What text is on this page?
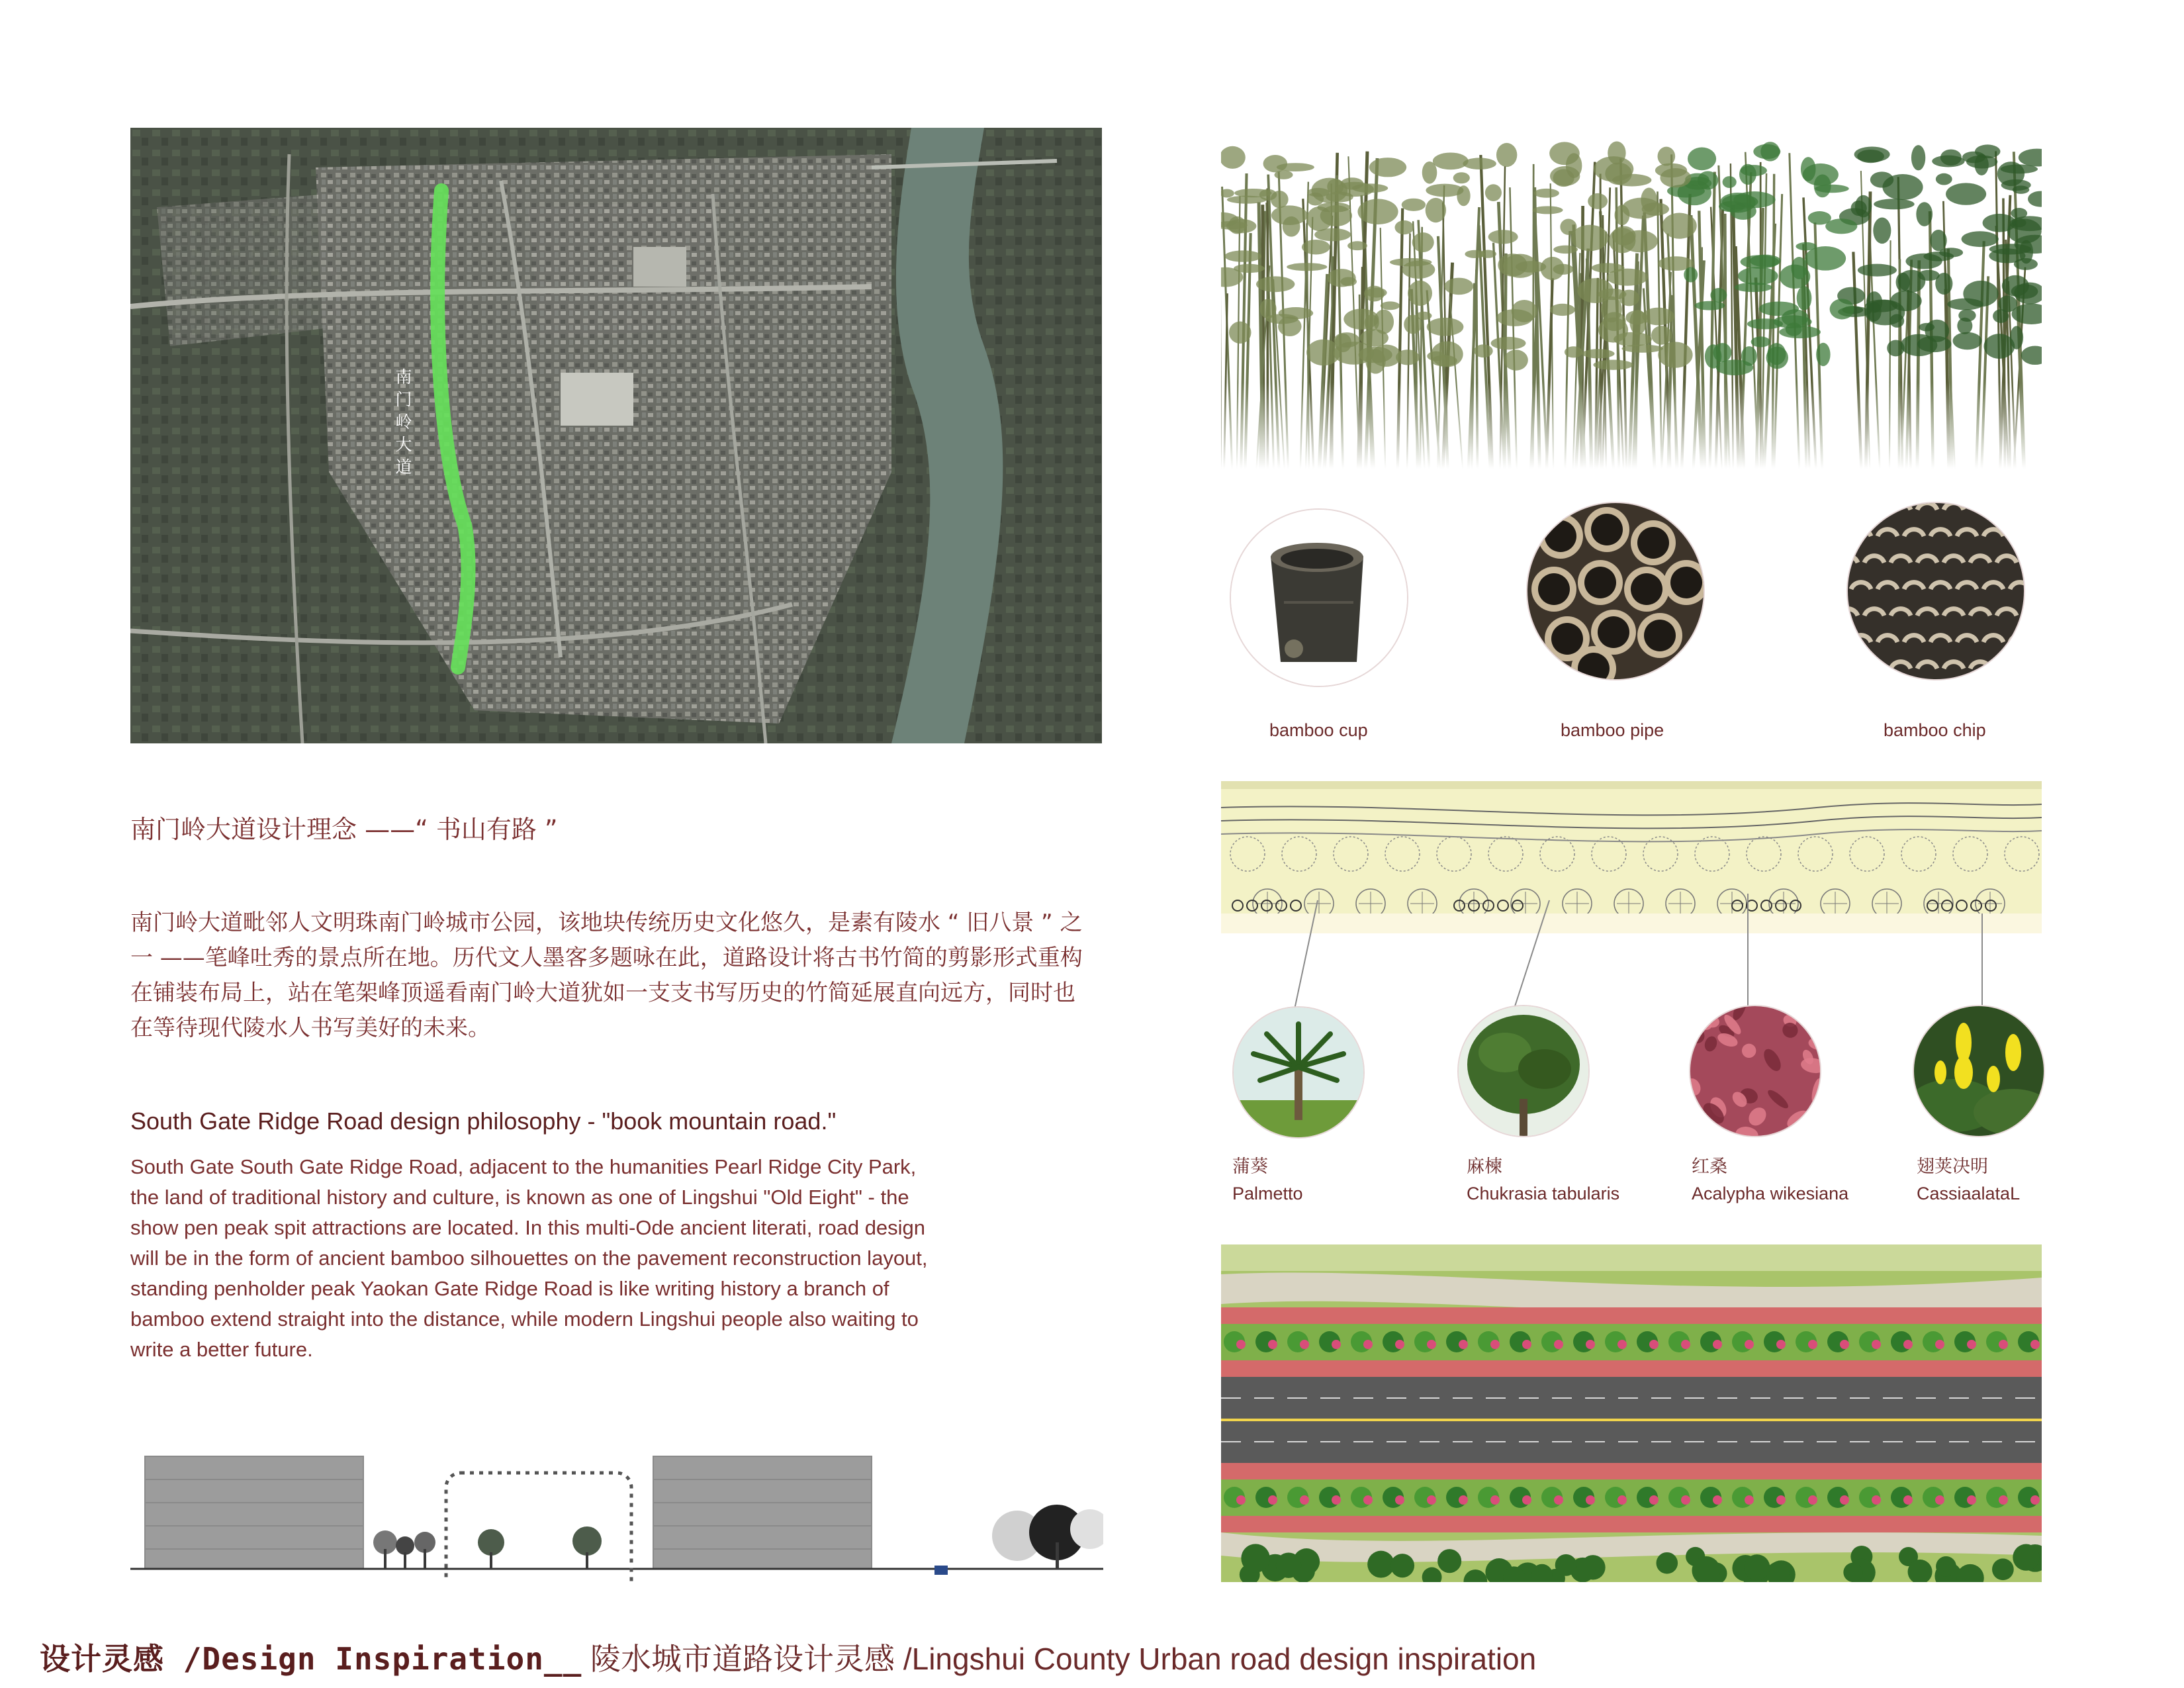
南门岭大道
南门岭大道设计理念 ——“ 书山有路 ”
南门岭大道毗邻人文明珠南门岭城市公园，该地块传统历史文化悠久，是素有陵水 “ 旧八景 ” 之一 ——笔峰吐秀的景点所在地。历代文人墨客多题咏在此，道路设计将古书竹简的剪影形式重构在铺装布局上，站在笔架峰顶遥看南门岭大道犹如一支支书写历史的竹简延展直向远方，同时也在等待现代陵水人书写美好的未来。
South Gate Ridge Road design philosophy - "book mountain road."
South Gate South Gate Ridge Road, adjacent to the humanities Pearl Ridge City Park, the land of traditional history and culture, is known as one of Lingshui "Old Eight" - the show pen peak spit attractions are located. In this multi-Ode ancient literati, road design will be in the form of ancient bamboo silhouettes on the pavement reconstruction layout, standing penholder peak Yaokan Gate Ridge Road is like writing history a branch of bamboo extend straight into the distance, while modern Lingshui people also waiting to write a better future.
bamboo cup	bamboo pipe	bamboo chip
蒲葵
Palmetto
麻楝
Chukrasia tabularis
红桑
Acalypha wikesiana
翅荚决明
CassiaalataL
设计灵感 /Design Inspiration__ 陵水城市道路设计灵感 /Lingshui County Urban road design inspiration
